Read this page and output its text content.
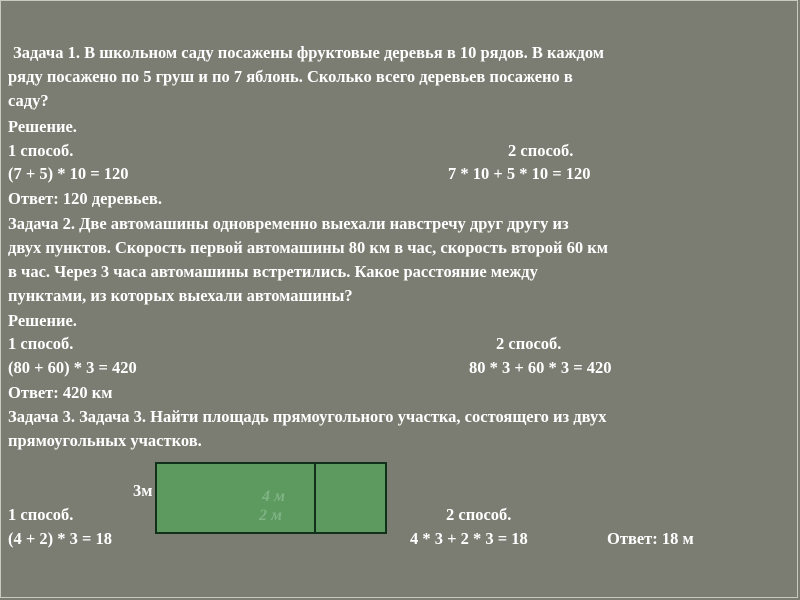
Задача 1. В школьном саду посажены фруктовые деревья в 10 рядов. В каждом
ряду посажено по 5 груш и по 7 яблонь. Сколько всего деревьев посажено в
саду?
Решение.
1 способ.	2 способ.
(7 + 5) * 10 = 120	7 * 10 + 5 * 10 = 120
Ответ: 120 деревьев.
Задача 2. Две автомашины одновременно выехали навстречу друг другу из
двух пунктов. Скорость первой автомашины 80 км в час, скорость второй 60 км
в час. Через 3 часа автомашины встретились. Какое расстояние между
пунктами, из которых выехали автомашины?
Решение.
1 способ.	2 способ.
(80 + 60) * 3 = 420	80 * 3 + 60 * 3 = 420
Ответ: 420 км
Задача 3. Задача 3. Найти площадь прямоугольного участка, состоящего из двух
прямоугольных участков.
4 м
2 м
3м
1 способ.	2 способ.
(4 + 2) * 3 = 18	4 * 3 + 2 * 3 = 18	Ответ: 18 м
